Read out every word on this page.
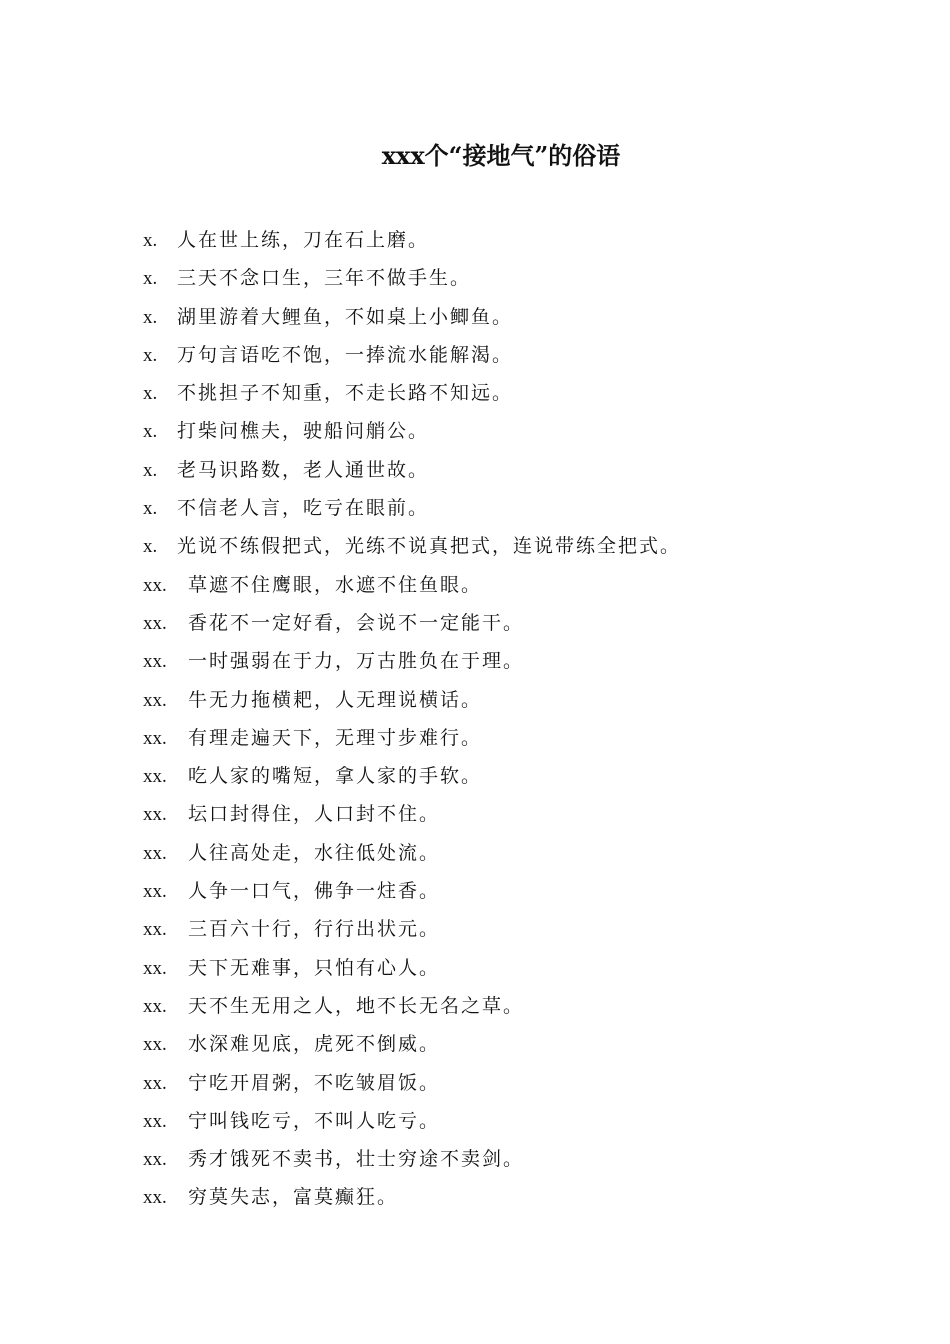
xxx个“接地气”的俗语
x. 人在世上练，刀在石上磨。
x. 三天不念口生，三年不做手生。
x. 湖里游着大鲤鱼，不如桌上小鲫鱼。
x. 万句言语吃不饱，一捧流水能解渴。
x. 不挑担子不知重，不走长路不知远。
x. 打柴问樵夫，驶船问艄公。
x. 老马识路数，老人通世故。
x. 不信老人言，吃亏在眼前。
x. 光说不练假把式，光练不说真把式，连说带练全把式。
xx. 草遮不住鹰眼，水遮不住鱼眼。
xx. 香花不一定好看，会说不一定能干。
xx. 一时强弱在于力，万古胜负在于理。
xx. 牛无力拖横耙，人无理说横话。
xx. 有理走遍天下，无理寸步难行。
xx. 吃人家的嘴短，拿人家的手软。
xx. 坛口封得住，人口封不住。
xx. 人往高处走，水往低处流。
xx. 人争一口气，佛争一炷香。
xx. 三百六十行，行行出状元。
xx. 天下无难事，只怕有心人。
xx. 天不生无用之人，地不长无名之草。
xx. 水深难见底，虎死不倒威。
xx. 宁吃开眉粥，不吃皱眉饭。
xx. 宁叫钱吃亏，不叫人吃亏。
xx. 秀才饿死不卖书，壮士穷途不卖剑。
xx. 穷莫失志，富莫癫狂。
